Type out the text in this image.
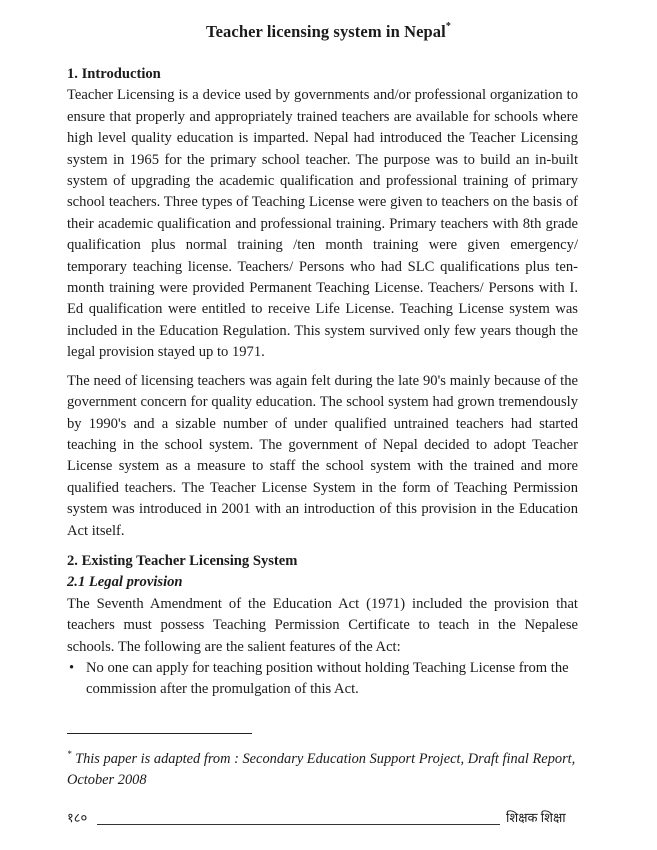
Teacher licensing system in Nepal*

1. Introduction

Teacher Licensing is a device used by governments and/or professional organization to ensure that properly and appropriately trained teachers are available for schools where high level quality education is imparted. Nepal had introduced the Teacher Licensing system in 1965 for the primary school teacher. The purpose was to build an in-built system of upgrading the academic qualification and professional training of primary school teachers. Three types of Teaching License were given to teachers on the basis of their academic qualification and professional training. Primary teachers with 8th grade qualification plus normal training /ten month training were given emergency/ temporary teaching license. Teachers/ Persons who had SLC qualifications plus ten-month training were provided Permanent Teaching License. Teachers/ Persons with I. Ed qualification were entitled to receive Life License. Teaching License system was included in the Education Regulation. This system survived only few years though the legal provision stayed up to 1971.

The need of licensing teachers was again felt during the late 90's mainly because of the government concern for quality education. The school system had grown tremendously by 1990's and a sizable number of under qualified untrained teachers had started teaching in the school system. The government of Nepal decided to adopt Teacher License system as a measure to staff the school system with the trained and more qualified teachers. The Teacher License System in the form of Teaching Permission system was introduced in 2001 with an introduction of this provision in the Education Act itself.

2. Existing Teacher Licensing System

2.1 Legal provision

The Seventh Amendment of the Education Act (1971) included the provision that teachers must possess Teaching Permission Certificate to teach in the Nepalese schools. The following are the salient features of the Act:

• No one can apply for teaching position without holding Teaching License from the commission after the promulgation of this Act.
* This paper is adapted from : Secondary Education Support Project, Draft final Report, October 2008
१८०	शिक्षक शिक्षा
